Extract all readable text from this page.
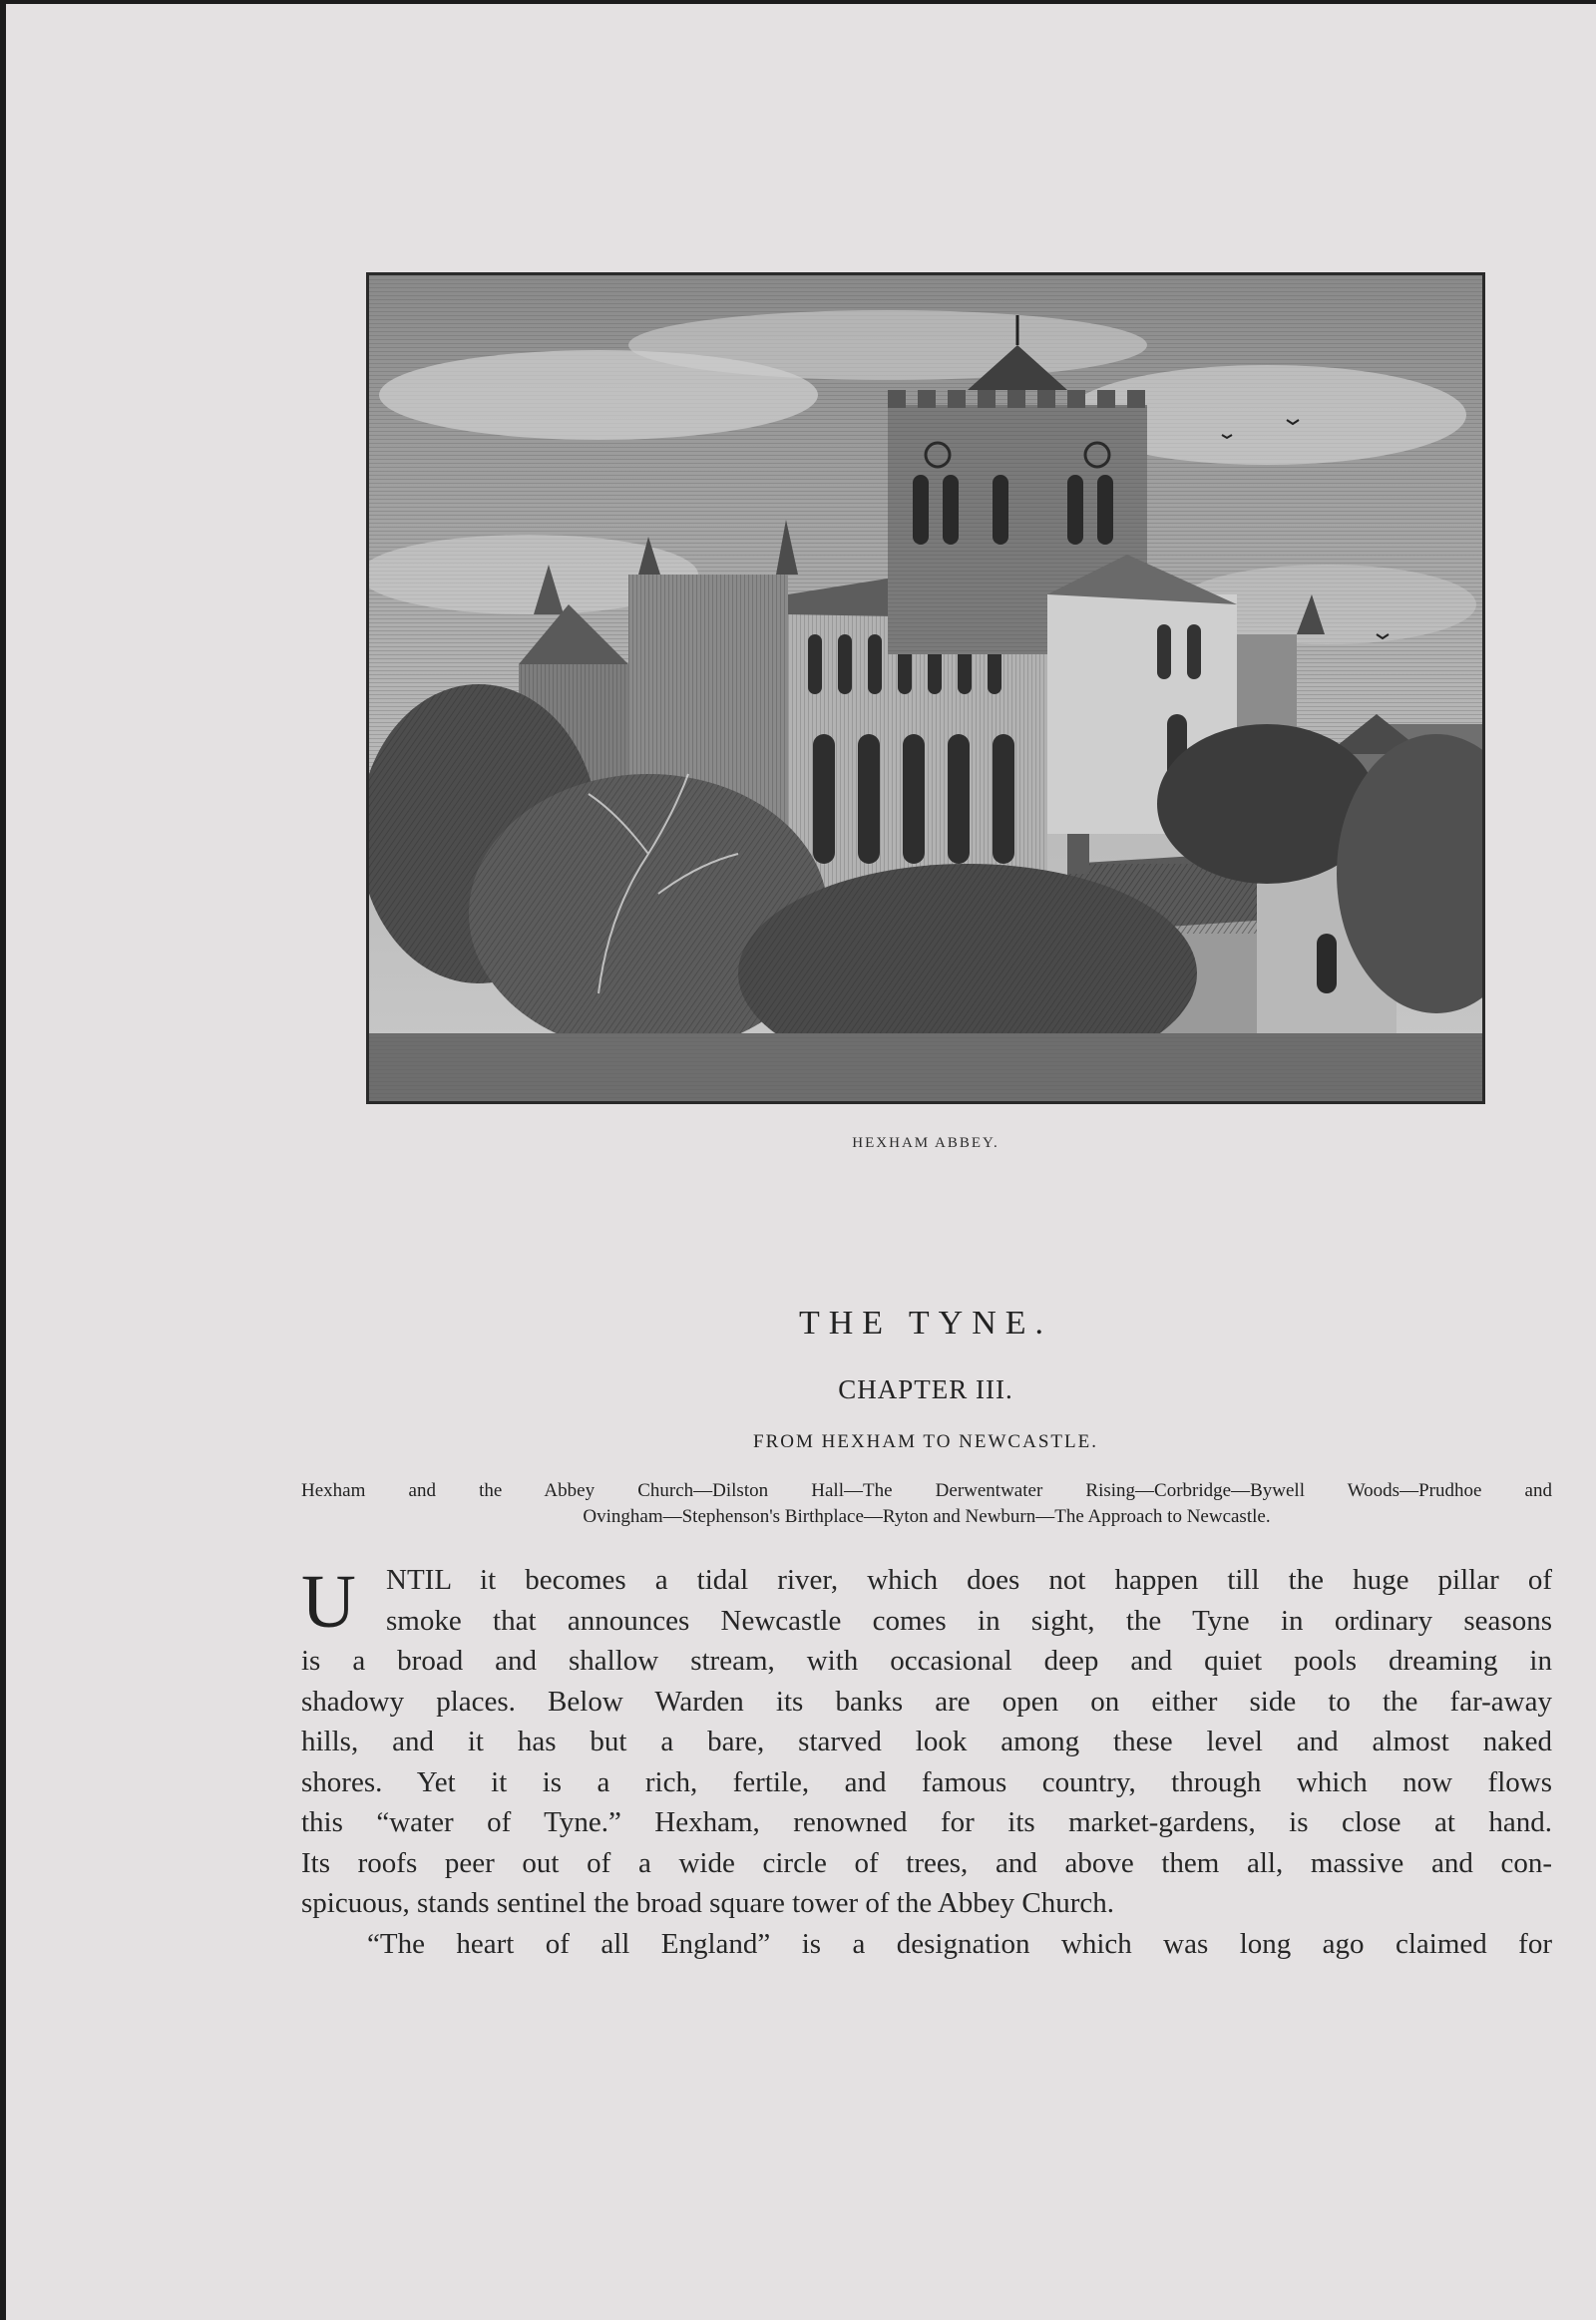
HEXHAM ABBEY.
THE TYNE.
CHAPTER III.
FROM HEXHAM TO NEWCASTLE.
Hexham and the Abbey Church—Dilston Hall—The Derwentwater Rising—Corbridge—Bywell Woods—Prudhoe and
Ovingham—Stephenson's Birthplace—Ryton and Newburn—The Approach to Newcastle.
U	NTIL it becomes a tidal river, which does not happen till the huge pillar of
smoke that announces Newcastle comes in sight, the Tyne in ordinary seasons
is a broad and shallow stream, with occasional deep and quiet pools dreaming in
shadowy places. Below Warden its banks are open on either side to the far-away
hills, and it has but a bare, starved look among these level and almost naked
shores. Yet it is a rich, fertile, and famous country, through which now flows
this “water of Tyne.” Hexham, renowned for its market-gardens, is close at hand.
Its roofs peer out of a wide circle of trees, and above them all, massive and con-
spicuous, stands sentinel the broad square tower of the Abbey Church.
“The heart of all England” is a designation which was long ago claimed for
